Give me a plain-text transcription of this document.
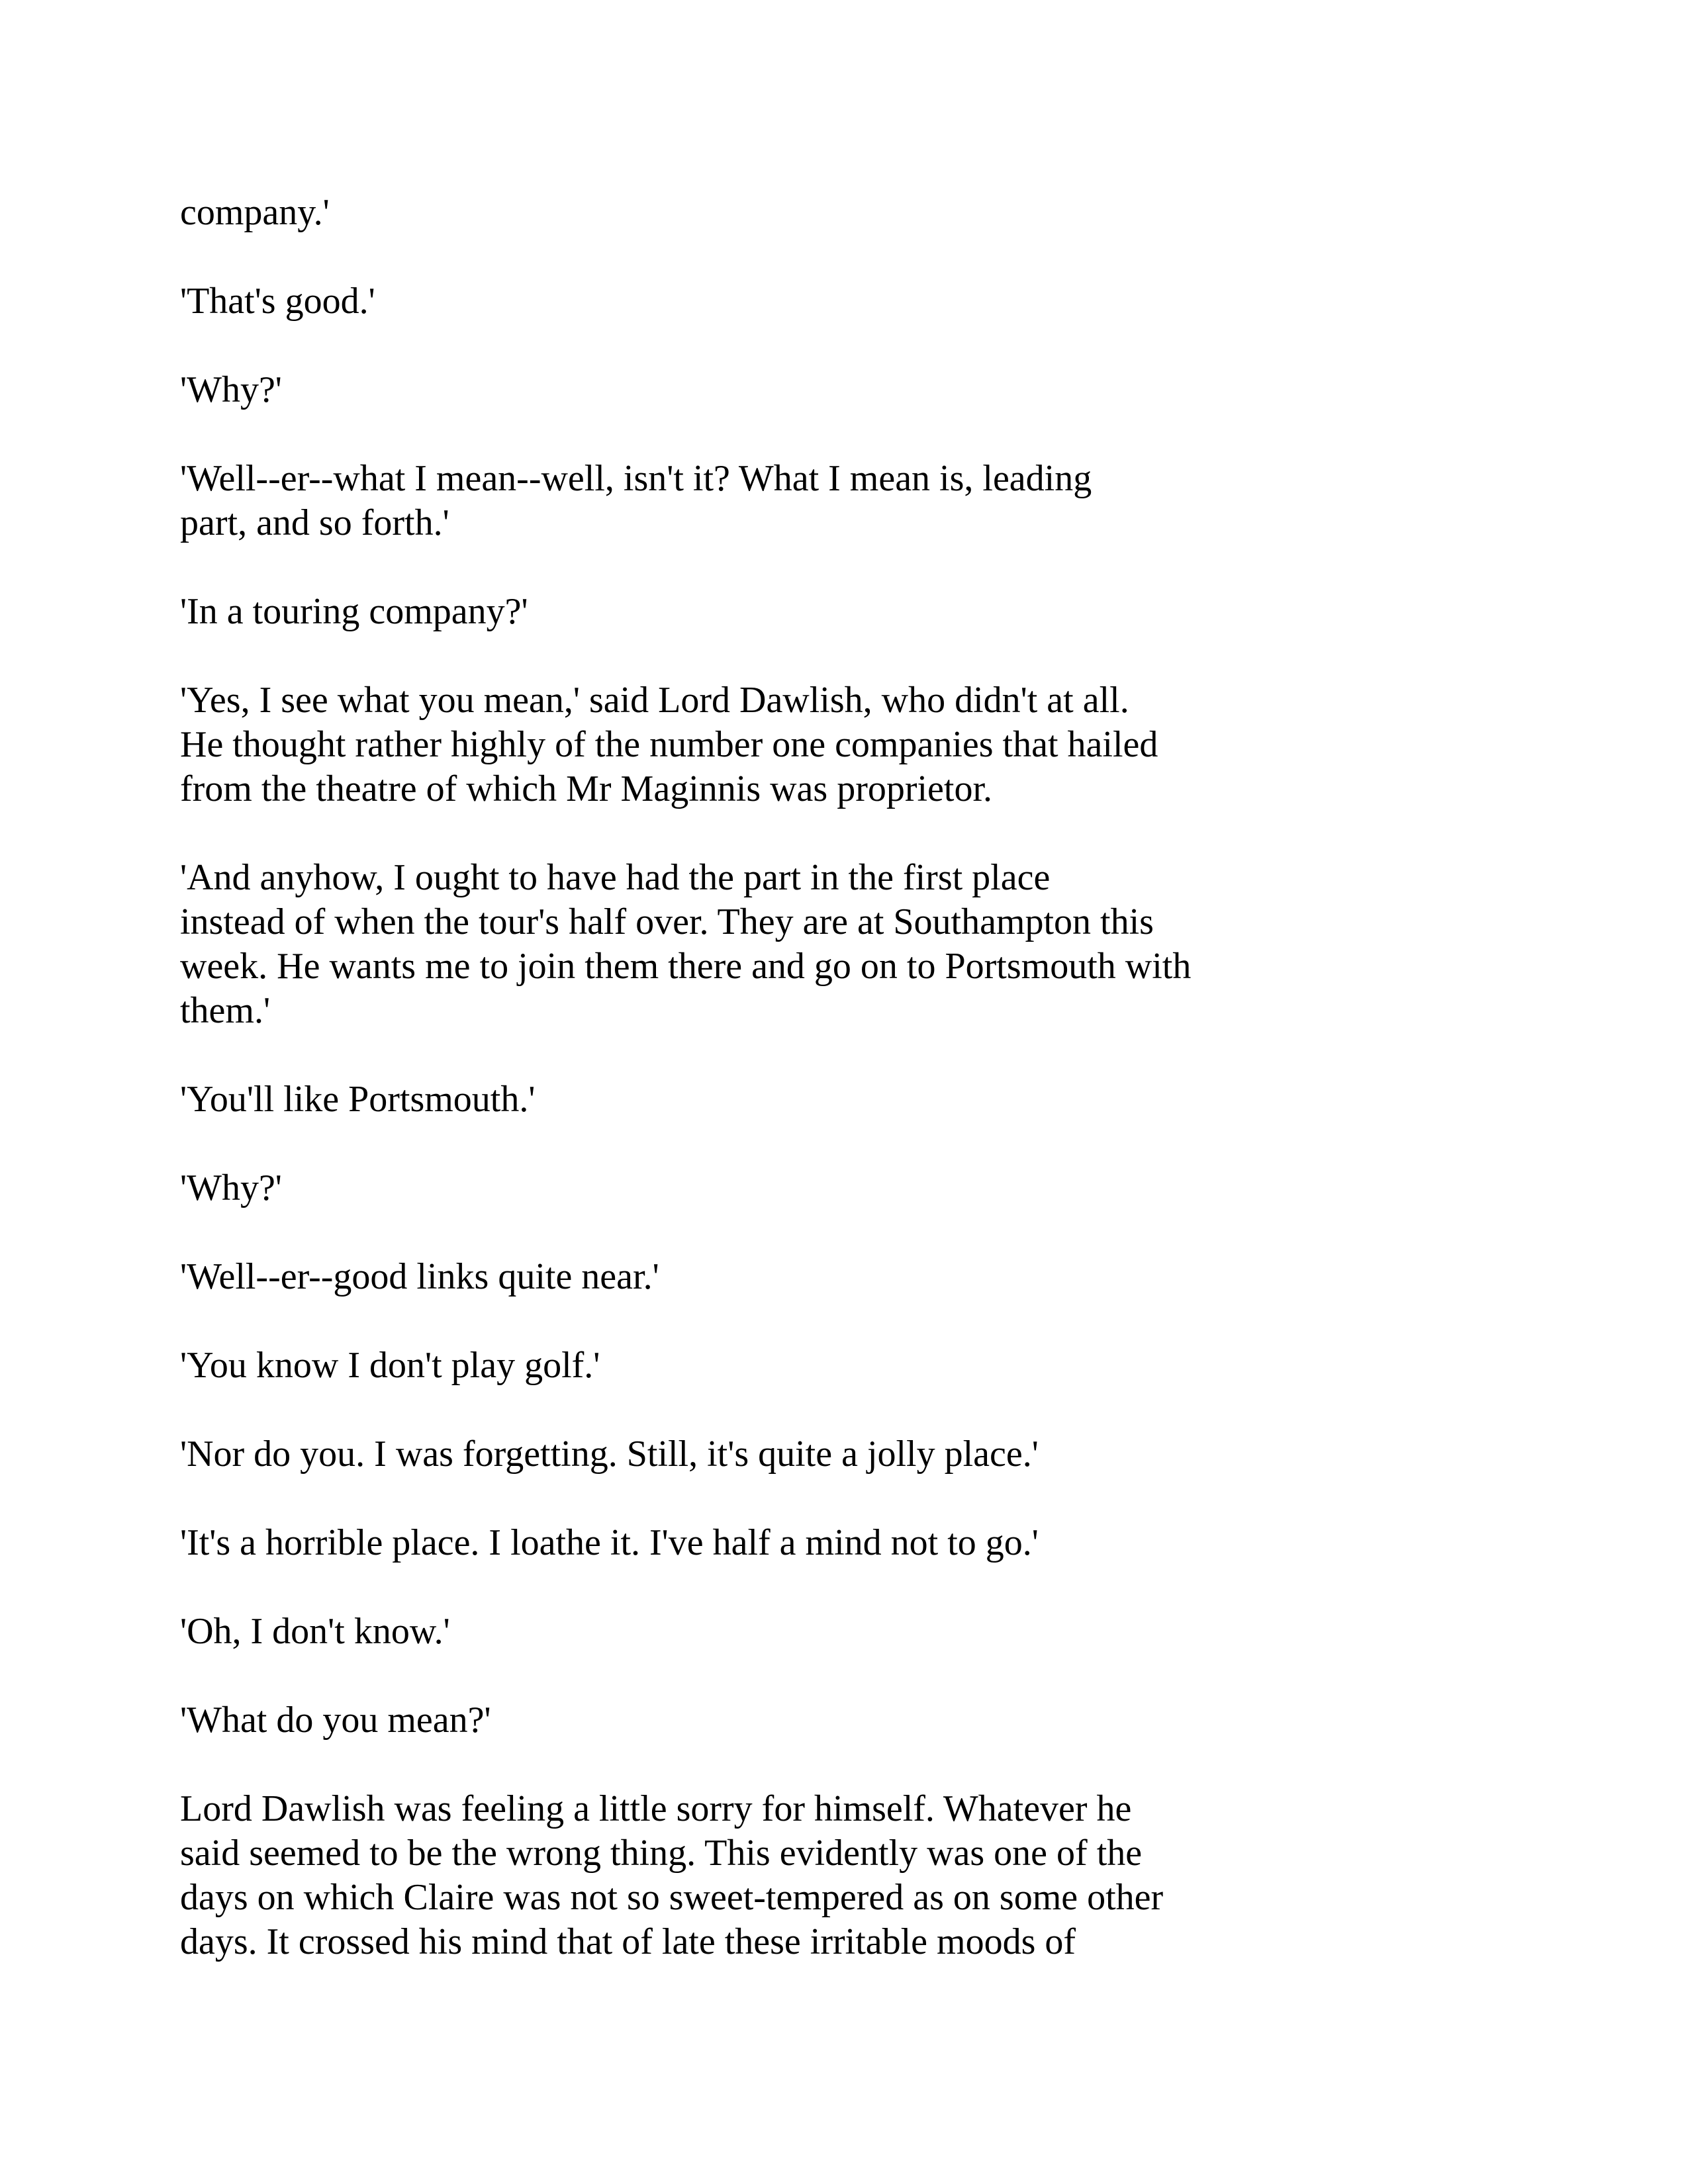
company.'
'That's good.'
'Why?'
'Well--er--what I mean--well, isn't it? What I mean is, leading
part, and so forth.'
'In a touring company?'
'Yes, I see what you mean,' said Lord Dawlish, who didn't at all.
He thought rather highly of the number one companies that hailed
from the theatre of which Mr Maginnis was proprietor.
'And anyhow, I ought to have had the part in the first place
instead of when the tour's half over. They are at Southampton this
week. He wants me to join them there and go on to Portsmouth with
them.'
'You'll like Portsmouth.'
'Why?'
'Well--er--good links quite near.'
'You know I don't play golf.'
'Nor do you. I was forgetting. Still, it's quite a jolly place.'
'It's a horrible place. I loathe it. I've half a mind not to go.'
'Oh, I don't know.'
'What do you mean?'
Lord Dawlish was feeling a little sorry for himself. Whatever he
said seemed to be the wrong thing. This evidently was one of the
days on which Claire was not so sweet-tempered as on some other
days. It crossed his mind that of late these irritable moods of
